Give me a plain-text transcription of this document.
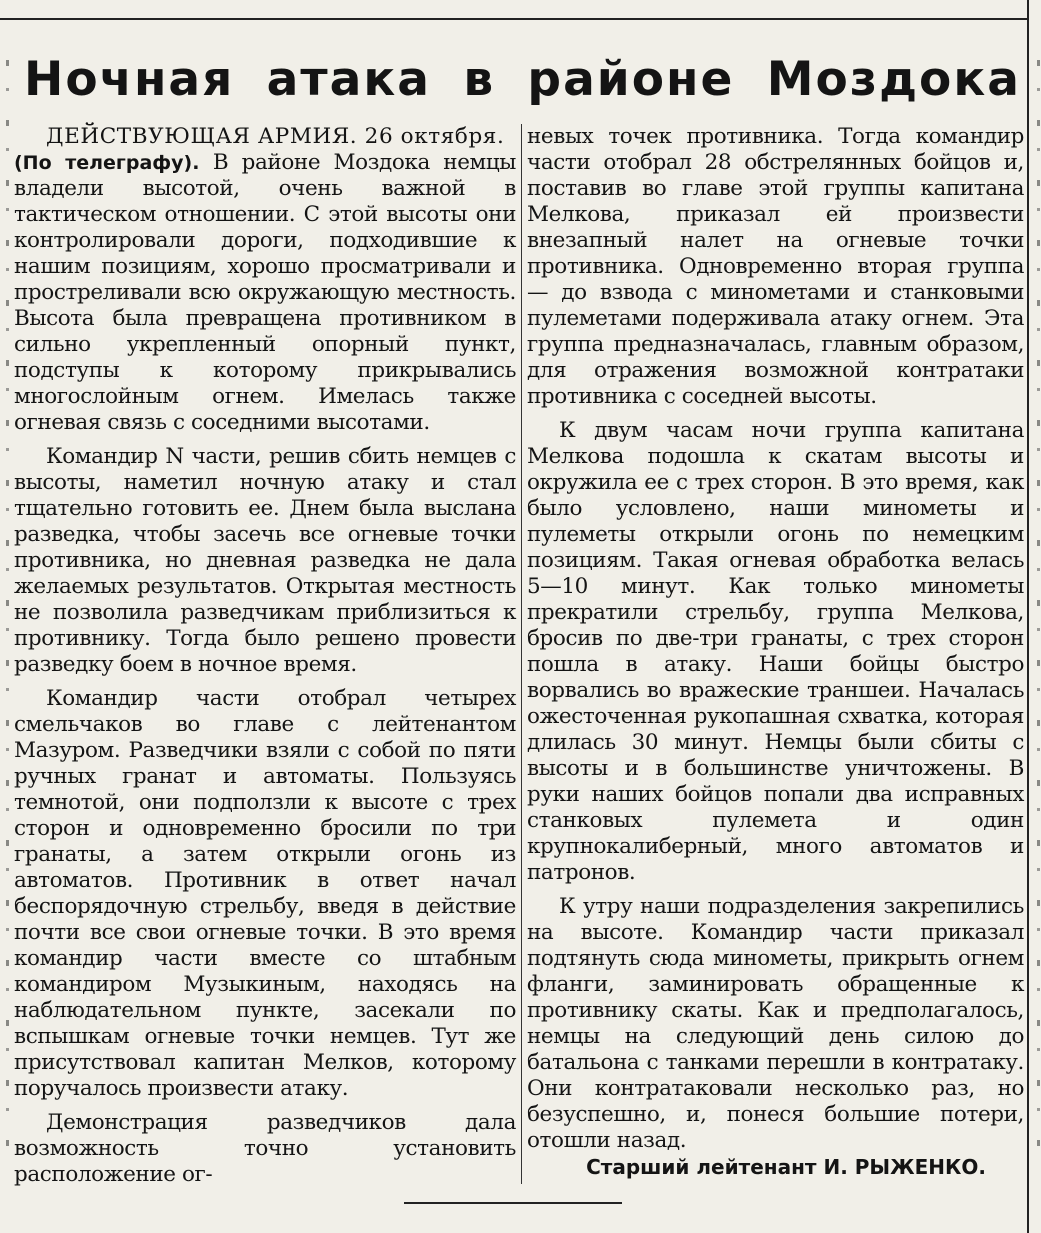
Ночная атака в районе Моздока

ДЕЙСТВУЮЩАЯ АРМИЯ. 26 октября.
(По телеграфу). В районе Моздока немцы владели высотой, очень важной в тактическом отношении. С этой высоты они контролировали дороги, подходившие к нашим позициям, хорошо просматривали и простреливали всю окружающую местность. Высота была превращена противником в сильно укрепленный опорный пункт, подступы к которому прикрывались многослойным огнем. Имелась также огневая связь с соседними высотами.

Командир N части, решив сбить немцев с высоты, наметил ночную атаку и стал тщательно готовить ее. Днем была выслана разведка, чтобы засечь все огневые точки противника, но дневная разведка не дала желаемых результатов. Открытая местность не позволила разведчикам приблизиться к противнику. Тогда было решено провести разведку боем в ночное время.

Командир части отобрал четырех смельчаков во главе с лейтенантом Мазуром. Разведчики взяли с собой по пяти ручных гранат и автоматы. Пользуясь темнотой, они подползли к высоте с трех сторон и одновременно бросили по три гранаты, а затем открыли огонь из автоматов. Противник в ответ начал беспорядочную стрельбу, введя в действие почти все свои огневые точки. В это время командир части вместе со штабным командиром Музыкиным, находясь на наблюдательном пункте, засекали по вспышкам огневые точки немцев. Тут же присутствовал капитан Мелков, которому поручалось произвести атаку.

Демонстрация разведчиков дала возможность точно установить расположение ог-

невых точек противника. Тогда командир части отобрал 28 обстрелянных бойцов и, поставив во главе этой группы капитана Мелкова, приказал ей произвести внезапный налет на огневые точки противника. Одновременно вторая группа — до взвода с минометами и станковыми пулеметами подерживала атаку огнем. Эта группа предназначалась, главным образом, для отражения возможной контратаки противника с соседней высоты.

К двум часам ночи группа капитана Мелкова подошла к скатам высоты и окружила ее с трех сторон. В это время, как было условлено, наши минометы и пулеметы открыли огонь по немецким позициям. Такая огневая обработка велась 5—10 минут. Как только минометы прекратили стрельбу, группа Мелкова, бросив по две-три гранаты, с трех сторон пошла в атаку. Наши бойцы быстро ворвались во вражеские траншеи. Началась ожесточенная рукопашная схватка, которая длилась 30 минут. Немцы были сбиты с высоты и в большинстве уничтожены. В руки наших бойцов попали два исправных станковых пулемета и один крупнокалиберный, много автоматов и патронов.

К утру наши подразделения закрепились на высоте. Командир части приказал подтянуть сюда минометы, прикрыть огнем фланги, заминировать обращенные к противнику скаты. Как и предполагалось, немцы на следующий день силою до батальона с танками перешли в контратаку. Они контратаковали несколько раз, но безуспешно, и, понеся большие потери, отошли назад.

Старший лейтенант И. РЫЖЕНКО.
